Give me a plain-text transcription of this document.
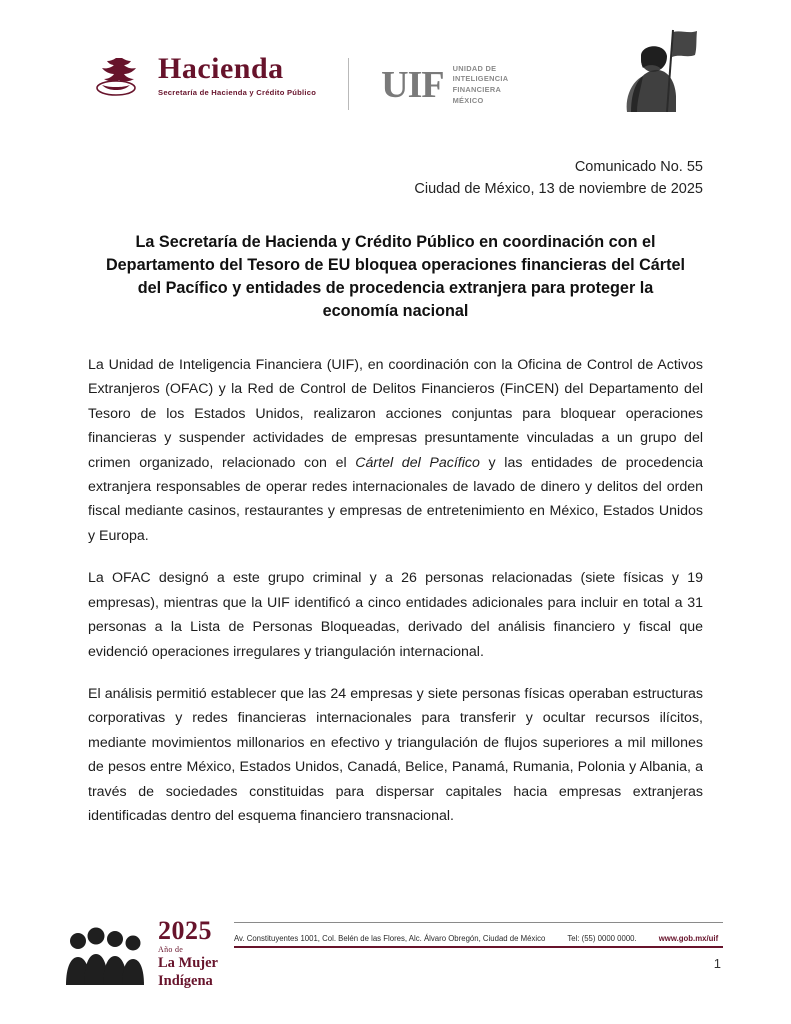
Hacienda
Secretaría de Hacienda y Crédito Público UIF UNIDAD DE
INTELIGENCIA
FINANCIERA
MÉXICO
Comunicado No. 55
Ciudad de México, 13 de noviembre de 2025
La Secretaría de Hacienda y Crédito Público en coordinación con el Departamento del Tesoro de EU bloquea operaciones financieras del Cártel del Pacífico y entidades de procedencia extranjera para proteger la economía nacional

La Unidad de Inteligencia Financiera (UIF), en coordinación con la Oficina de Control de Activos Extranjeros (OFAC) y la Red de Control de Delitos Financieros (FinCEN) del Departamento del Tesoro de los Estados Unidos, realizaron acciones conjuntas para bloquear operaciones financieras y suspender actividades de empresas presuntamente vinculadas a un grupo del crimen organizado, relacionado con el Cártel del Pacífico y las entidades de procedencia extranjera responsables de operar redes internacionales de lavado de dinero y delitos del orden fiscal mediante casinos, restaurantes y empresas de entretenimiento en México, Estados Unidos y Europa.

La OFAC designó a este grupo criminal y a 26 personas relacionadas (siete físicas y 19 empresas), mientras que la UIF identificó a cinco entidades adicionales para incluir en total a 31 personas a la Lista de Personas Bloqueadas, derivado del análisis financiero y fiscal que evidenció operaciones irregulares y triangulación internacional.

El análisis permitió establecer que las 24 empresas y siete personas físicas operaban estructuras corporativas y redes financieras internacionales para transferir y ocultar recursos ilícitos, mediante movimientos millonarios en efectivo y triangulación de flujos superiores a mil millones de pesos entre México, Estados Unidos, Canadá, Belice, Panamá, Rumania, Polonia y Albania, a través de sociedades constituidas para dispersar capitales hacia empresas extranjeras identificadas dentro del esquema financiero transnacional.

2025
Año de
La Mujer
Indígena
Av. Constituyentes 1001, Col. Belén de las Flores, Alc. Álvaro Obregón, Ciudad de México	Tel: (55) 0000 0000.	www.gob.mx/uif
1
